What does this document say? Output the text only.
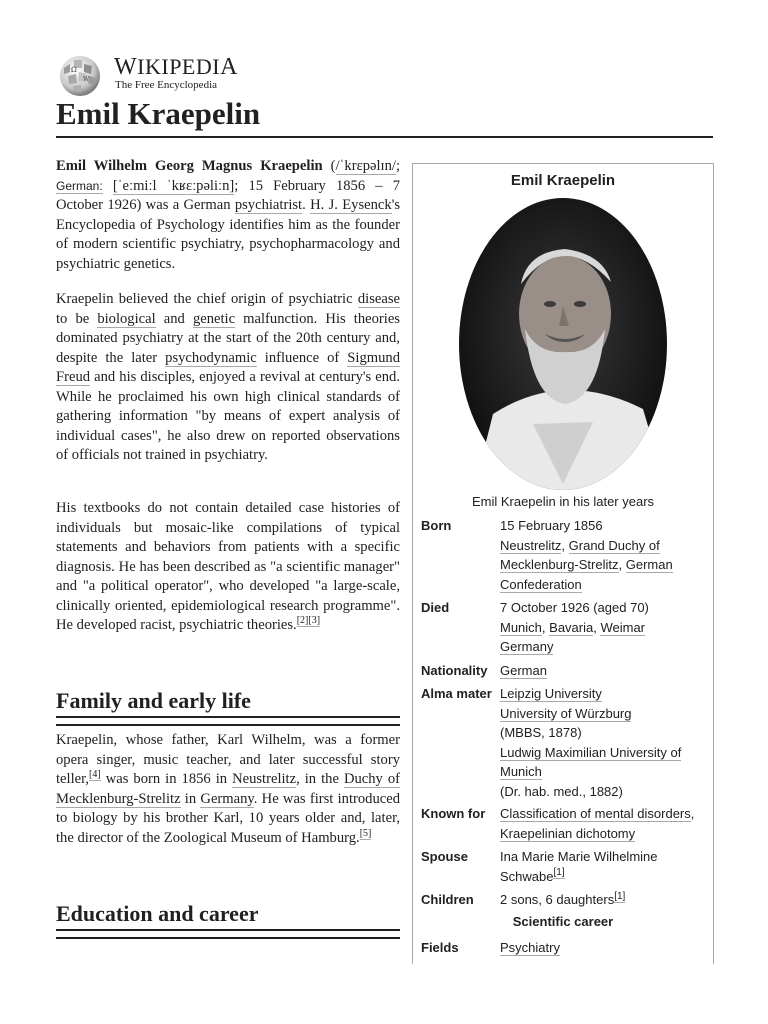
Ω
W WIKIPEDIA
The Free Encyclopedia
Emil Kraepelin

Emil Wilhelm Georg Magnus Kraepelin (/ˈkrɛpəlɪn/; German: [ˈeːmiːl ˈkʁɛːpəliːn]; 15 February 1856 – 7 October 1926) was a German psychiatrist. H. J. Eysenck's Encyclopedia of Psychology identifies him as the founder of modern scientific psychiatry, psychopharmacology and psychiatric genetics.

Kraepelin believed the chief origin of psychiatric disease to be biological and genetic malfunction. His theories dominated psychiatry at the start of the 20th century and, despite the later psychodynamic influence of Sigmund Freud and his disciples, enjoyed a revival at century's end. While he proclaimed his own high clinical standards of gathering information "by means of expert analysis of individual cases", he also drew on reported observations of officials not trained in psychiatry.

His textbooks do not contain detailed case histories of individuals but mosaic-like compilations of typical statements and behaviors from patients with a specific diagnosis. He has been described as "a scientific manager" and "a political operator", who developed "a large-scale, clinically oriented, epidemiological research programme". He developed racist, psychiatric theories.[2][3]

Family and early life

Kraepelin, whose father, Karl Wilhelm, was a former opera singer, music teacher, and later successful story teller,[4] was born in 1856 in Neustrelitz, in the Duchy of Mecklenburg-Strelitz in Germany. He was first introduced to biology by his brother Karl, 10 years older and, later, the director of the Zoological Museum of Hamburg.[5]

Education and career
Emil Kraepelin
Emil Kraepelin in his later years
Born	15 February 1856
Neustrelitz, Grand Duchy of
Mecklenburg-Strelitz, German
Confederation
Died	7 October 1926 (aged 70)
Munich, Bavaria, Weimar
Germany
Nationality German
Alma mater Leipzig University
University of Würzburg
(MBBS, 1878)
Ludwig Maximilian University of
Munich
(Dr. hab. med., 1882)
Known for	Classification of mental disorders,
Kraepelinian dichotomy
Spouse	Ina Marie Marie Wilhelmine
Schwabe[1]
Children	2 sons, 6 daughters[1]
Scientific career
Fields	Psychiatry
